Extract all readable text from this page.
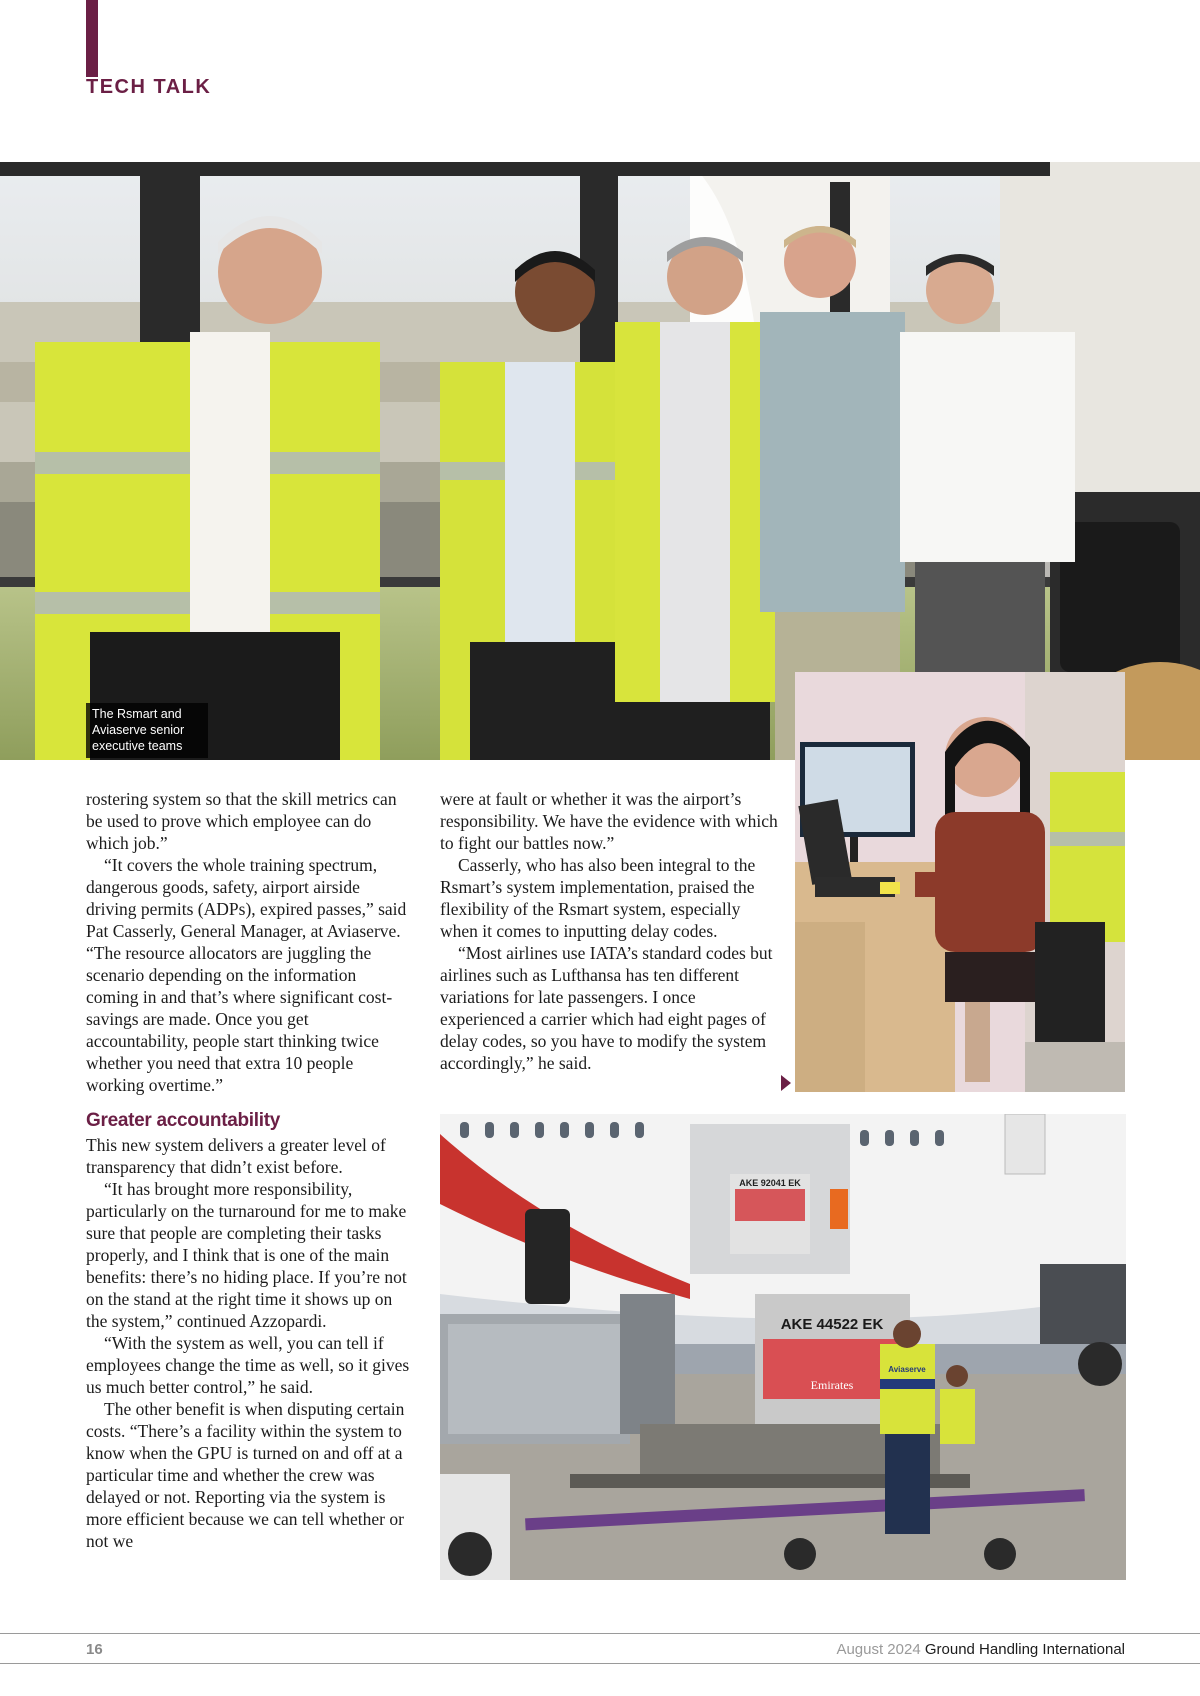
TECH TALK
The Rsmart and Aviaserve senior executive teams
AKE 92041 EK
AKE 44522 EK
Emirates
Aviaserve

rostering system so that the skill metrics can be used to prove which employee can do which job.”

“It covers the whole training spectrum, dangerous goods, safety, airport airside driving permits (ADPs), expired passes,” said Pat Casserly, General Manager, at Aviaserve. “The resource allocators are juggling the scenario depending on the information coming in and that’s where significant cost-savings are made. Once you get accountability, people start thinking twice whether you need that extra 10 people working overtime.”

Greater accountability

This new system delivers a greater level of transparency that didn’t exist before.

“It has brought more responsibility, particularly on the turnaround for me to make sure that people are completing their tasks properly, and I think that is one of the main benefits: there’s no hiding place. If you’re not on the stand at the right time it shows up on the system,” continued Azzopardi.

“With the system as well, you can tell if employees change the time as well, so it gives us much better control,” he said.

The other benefit is when disputing certain costs. “There’s a facility within the system to know when the GPU is turned on and off at a particular time and whether the crew was delayed or not. Reporting via the system is more efficient because we can tell whether or not we

were at fault or whether it was the airport’s responsibility. We have the evidence with which to fight our battles now.”

Casserly, who has also been integral to the Rsmart’s system implementation, praised the flexibility of the Rsmart system, especially when it comes to inputting delay codes.

“Most airlines use IATA’s standard codes but airlines such as Lufthansa has ten different variations for late passengers. I once experienced a carrier which had eight pages of delay codes, so you have to modify the system accordingly,” he said.

16	August 2024 Ground Handling International
